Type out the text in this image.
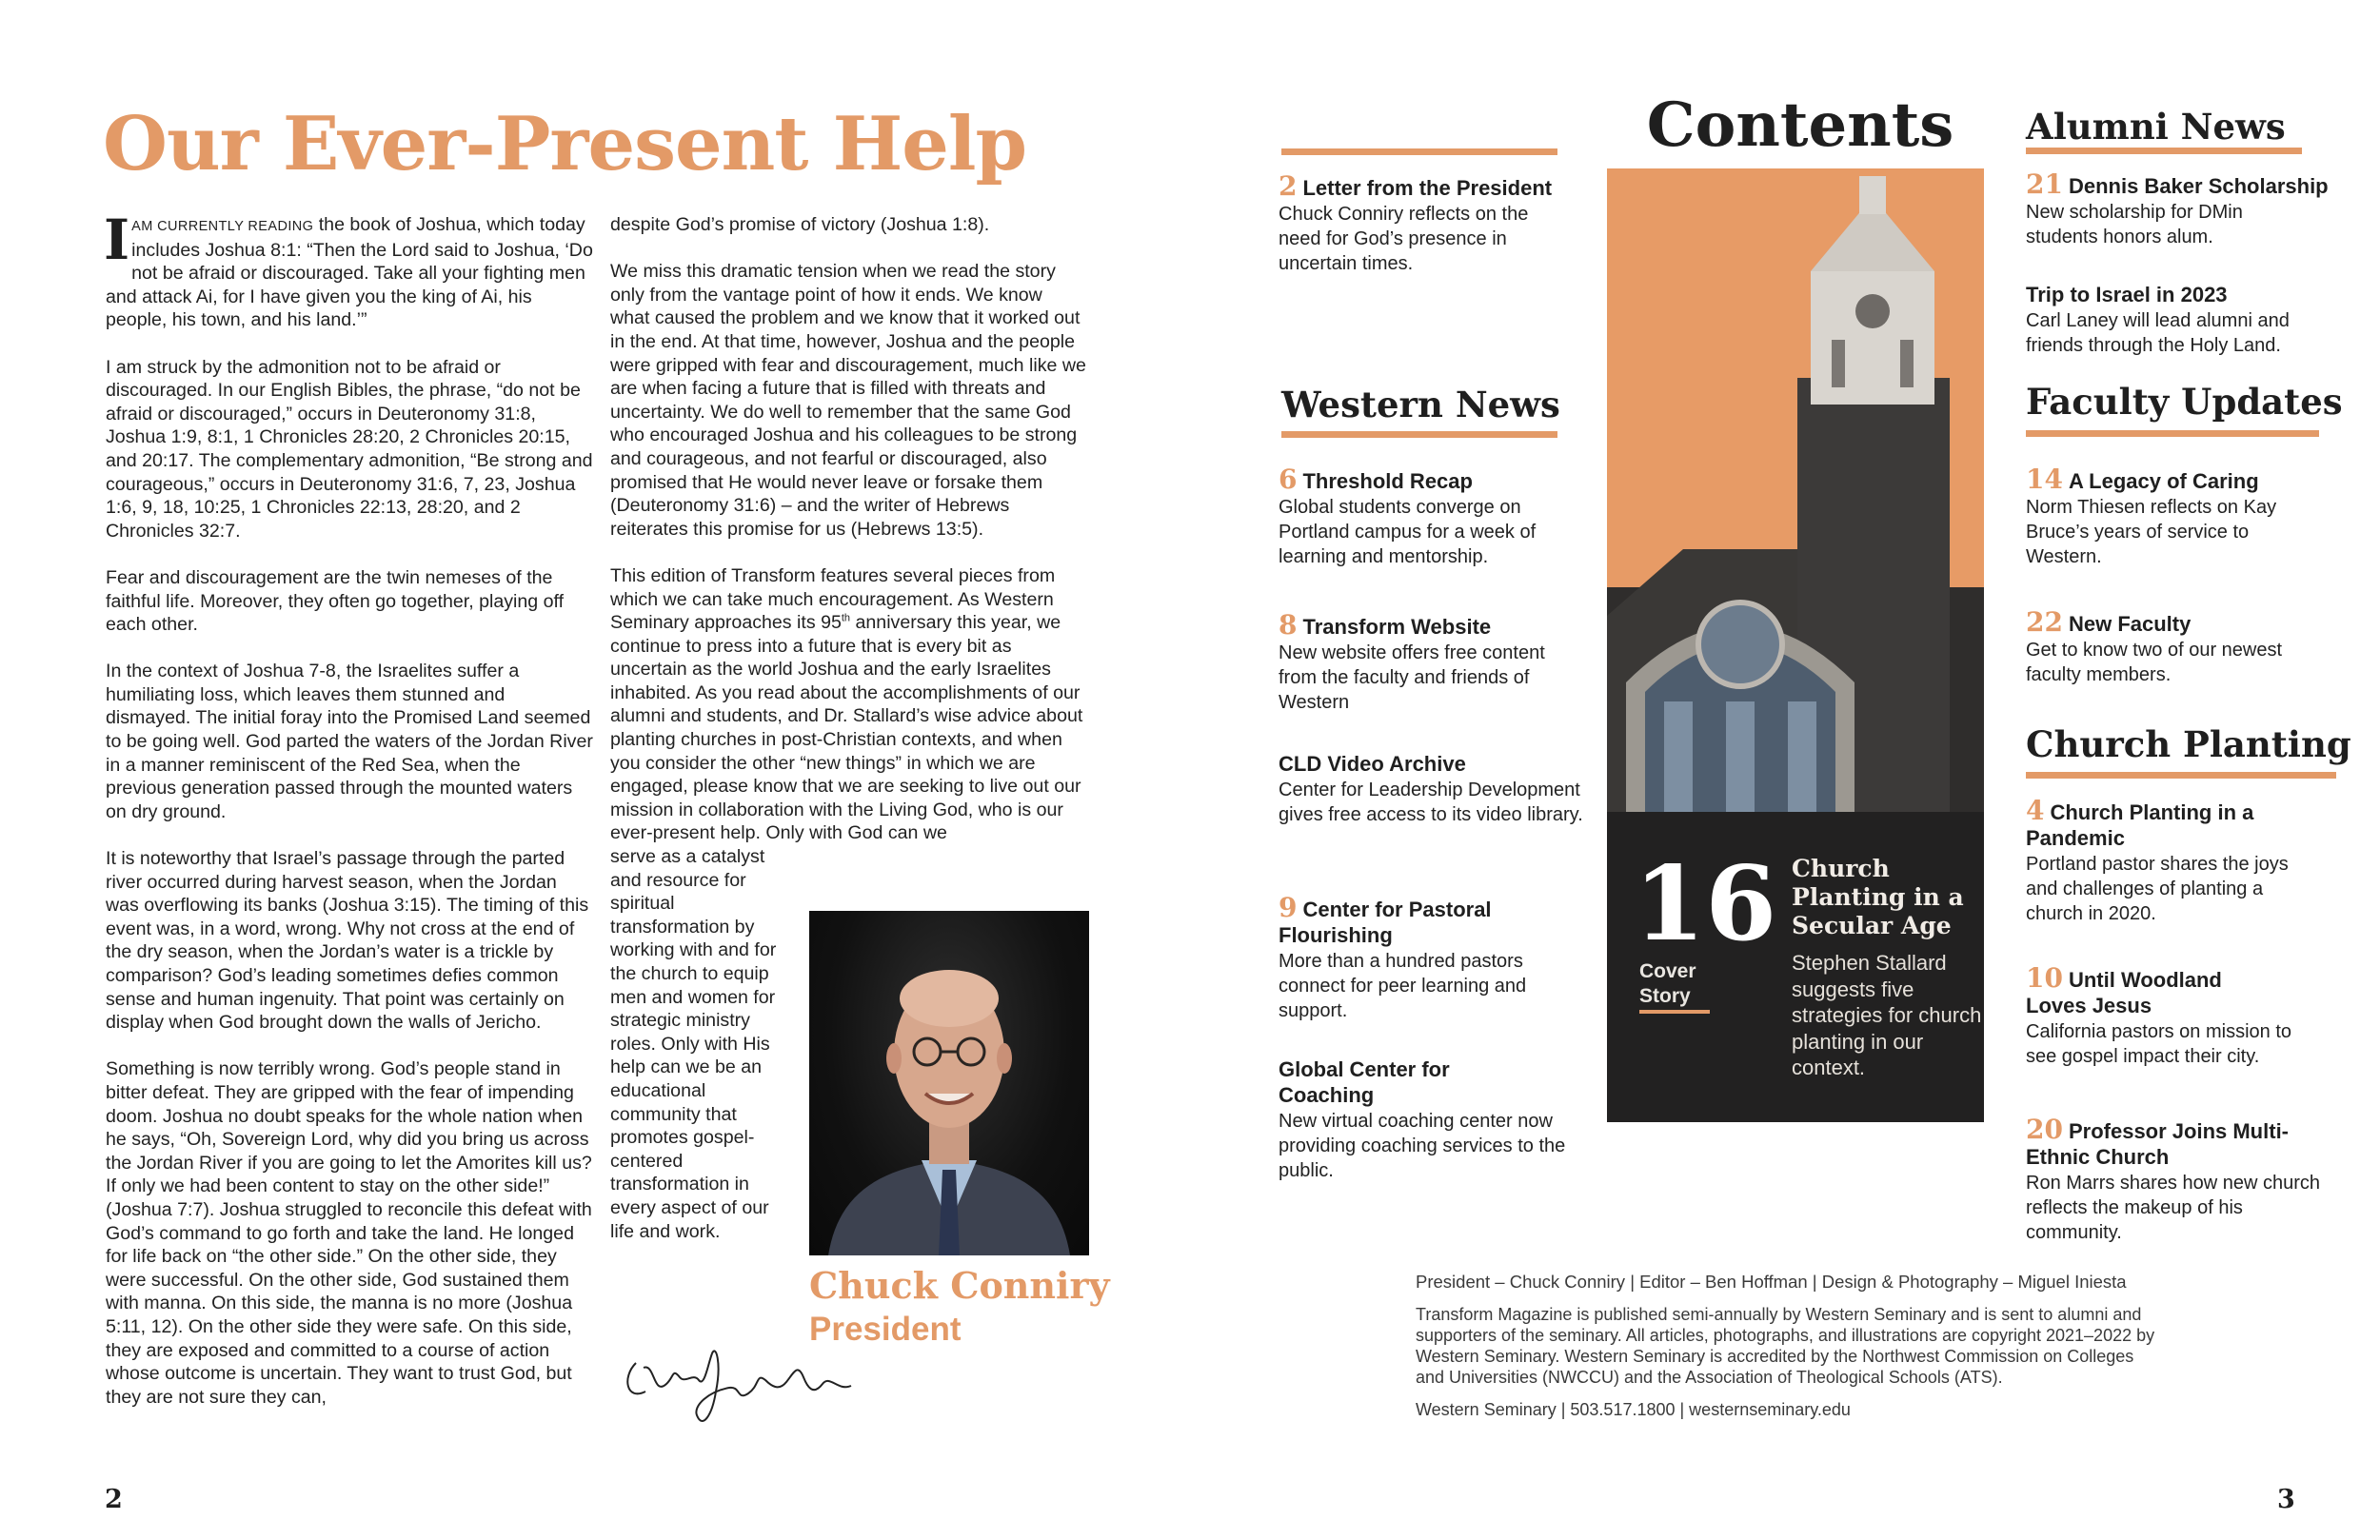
Our Ever-Present Help

IAM CURRENTLY READING the book of Joshua, which today includes Joshua 8:1: “Then the Lord said to Joshua, ‘Do not be afraid or discouraged. Take all your fighting men and attack Ai, for I have given you the king of Ai, his people, his town, and his land.’”

I am struck by the admonition not to be afraid or discouraged. In our English Bibles, the phrase, “do not be afraid or discouraged,” occurs in Deuteronomy 31:8, Joshua 1:9, 8:1, 1 Chronicles 28:20, 2 Chronicles 20:15, and 20:17. The complementary admonition, “Be strong and courageous,” occurs in Deuteronomy 31:6, 7, 23, Joshua 1:6, 9, 18, 10:25, 1 Chronicles 22:13, 28:20, and 2 Chronicles 32:7.

Fear and discouragement are the twin nemeses of the faithful life. Moreover, they often go together, playing off each other.

In the context of Joshua 7-8, the Israelites suffer a humiliating loss, which leaves them stunned and dismayed. The initial foray into the Promised Land seemed to be going well. God parted the waters of the Jordan River in a manner reminiscent of the Red Sea, when the previous generation passed through the mounted waters on dry ground.

It is noteworthy that Israel’s passage through the parted river occurred during harvest season, when the Jordan was overflowing its banks (Joshua 3:15). The timing of this event was, in a word, wrong. Why not cross at the end of the dry season, when the Jordan’s water is a trickle by comparison? God’s leading sometimes defies common sense and human ingenuity. That point was certainly on display when God brought down the walls of Jericho.

Something is now terribly wrong. God’s people stand in bitter defeat. They are gripped with the fear of impending doom. Joshua no doubt speaks for the whole nation when he says, “Oh, Sovereign Lord, why did you bring us across the Jordan River if you are going to let the Amorites kill us? If only we had been content to stay on the other side!” (Joshua 7:7). Joshua struggled to reconcile this defeat with God’s command to go forth and take the land. He longed for life back on “the other side.” On the other side, they were successful. On the other side, God sustained them with manna. On this side, the manna is no more (Joshua 5:11, 12). On the other side they were safe. On this side, they are exposed and committed to a course of action whose outcome is uncertain. They want to trust God, but they are not sure they can,

despite God’s promise of victory (Joshua 1:8).

We miss this dramatic tension when we read the story only from the vantage point of how it ends. We know what caused the problem and we know that it worked out in the end. At that time, however, Joshua and the people were gripped with fear and discouragement, much like we are when facing a future that is filled with threats and uncertainty. We do well to remember that the same God who encouraged Joshua and his colleagues to be strong and courageous, and not fearful or discouraged, also promised that He would never leave or forsake them (Deuteronomy 31:6) – and the writer of Hebrews reiterates this promise for us (Hebrews 13:5).

This edition of Transform features several pieces from which we can take much encouragement. As Western Seminary approaches its 95th anniversary this year, we continue to press into a future that is every bit as uncertain as the world Joshua and the early Israelites inhabited. As you read about the accomplishments of our alumni and students, and Dr. Stallard’s wise advice about planting churches in post-Christian contexts, and when you consider the other “new things” in which we are engaged, please know that we are seeking to live out our mission in collaboration with the Living God, who is our ever-present help. Only with God can we

serve as a catalyst and resource for spiritual transformation by working with and for the church to equip men and women for strategic ministry roles. Only with His help can we be an educational community that promotes gospel-centered transformation in every aspect of our life and work.

Chuck Conniry
President
2
2 Letter from the President
Chuck Conniry reflects on the need for God’s presence in uncertain times.
Western News
6 Threshold Recap
Global students converge on Portland campus for a week of learning and mentorship.
8 Transform Website
New website offers free content from the faculty and friends of Western
CLD Video Archive
Center for Leadership Development gives free access to its video library.
9 Center for Pastoral Flourishing
More than a hundred pastors connect for peer learning and support.
Global Center for Coaching
New virtual coaching center now providing coaching services to the public.
Contents
16
Cover Story
Church Planting in a Secular Age
Stephen Stallard suggests five strategies for church planting in our context.
Alumni News
21 Dennis Baker Scholarship
New scholarship for DMin students honors alum.
Trip to Israel in 2023
Carl Laney will lead alumni and friends through the Holy Land.
Faculty Updates
14 A Legacy of Caring
Norm Thiesen reflects on Kay Bruce’s years of service to Western.
22 New Faculty
Get to know two of our newest faculty members.
Church Planting
4 Church Planting in a Pandemic
Portland pastor shares the joys and challenges of planting a church in 2020.
10 Until Woodland Loves Jesus
California pastors on mission to see gospel impact their city.
20 Professor Joins Multi-Ethnic Church
Ron Marrs shares how new church reflects the makeup of his community.

President – Chuck Conniry | Editor – Ben Hoffman | Design & Photography – Miguel Iniesta

Transform Magazine is published semi-annually by Western Seminary and is sent to alumni and supporters of the seminary. All articles, photographs, and illustrations are copyright 2021–2022 by Western Seminary. Western Seminary is accredited by the Northwest Commission on Colleges and Universities (NWCCU) and the Association of Theological Schools (ATS).

Western Seminary | 503.517.1800 | westernseminary.edu

3
